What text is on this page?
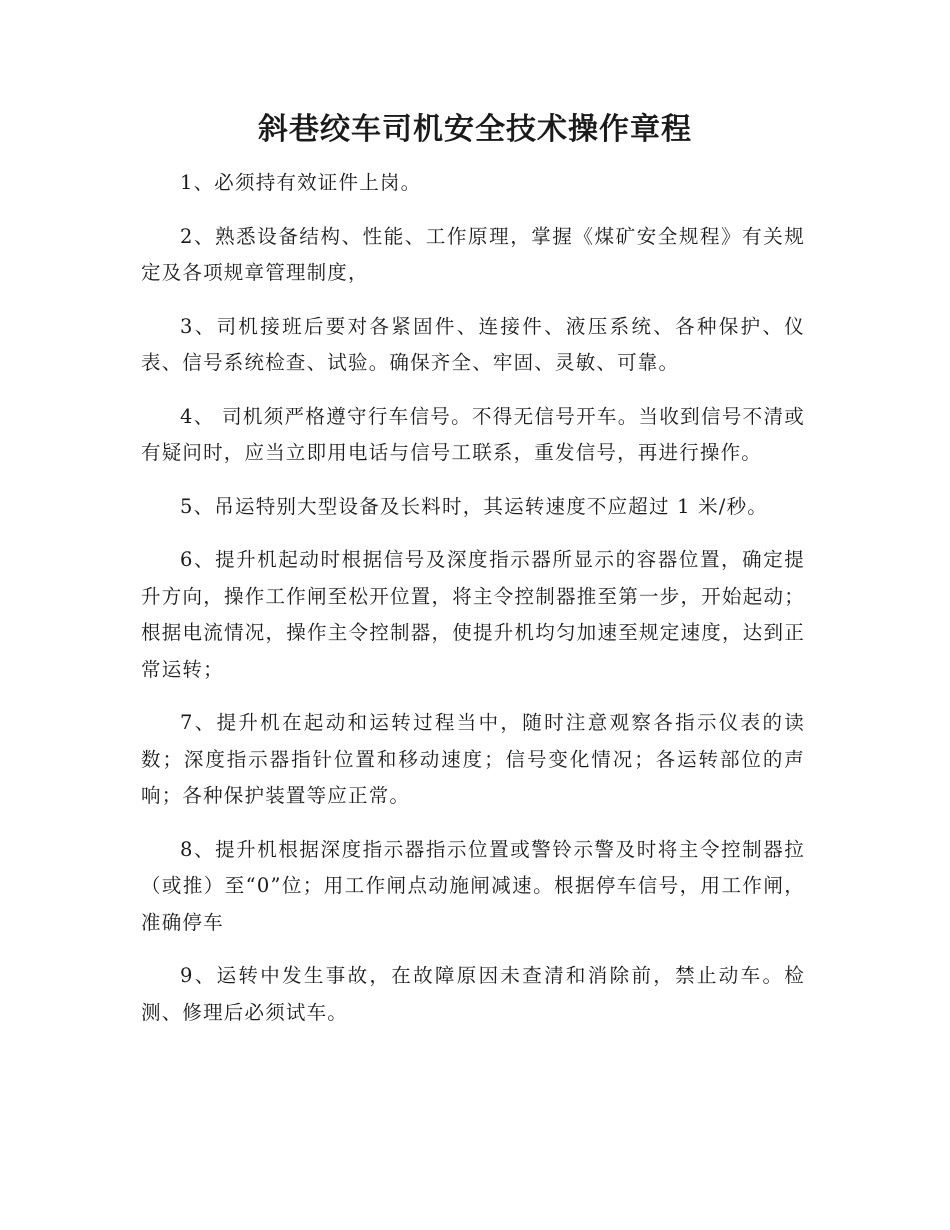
斜巷绞车司机安全技术操作章程

1、必须持有效证件上岗。

2、熟悉设备结构、性能、工作原理，掌握《煤矿安全规程》有关规定及各项规章管理制度，

3、司机接班后要对各紧固件、连接件、液压系统、各种保护、仪表、信号系统检查、试验。确保齐全、牢固、灵敏、可靠。

4、 司机须严格遵守行车信号。不得无信号开车。当收到信号不清或有疑问时，应当立即用电话与信号工联系，重发信号，再进行操作。

5、吊运特别大型设备及长料时，其运转速度不应超过 1 米/秒。

6、提升机起动时根据信号及深度指示器所显示的容器位置，确定提升方向，操作工作闸至松开位置，将主令控制器推至第一步，开始起动；根据电流情况，操作主令控制器，使提升机均匀加速至规定速度，达到正常运转；

7、提升机在起动和运转过程当中，随时注意观察各指示仪表的读数；深度指示器指针位置和移动速度；信号变化情况；各运转部位的声响；各种保护装置等应正常。

8、提升机根据深度指示器指示位置或警铃示警及时将主令控制器拉（或推）至“0”位；用工作闸点动施闸减速。根据停车信号，用工作闸，准确停车

9、运转中发生事故，在故障原因未查清和消除前，禁止动车。检测、修理后必须试车。
